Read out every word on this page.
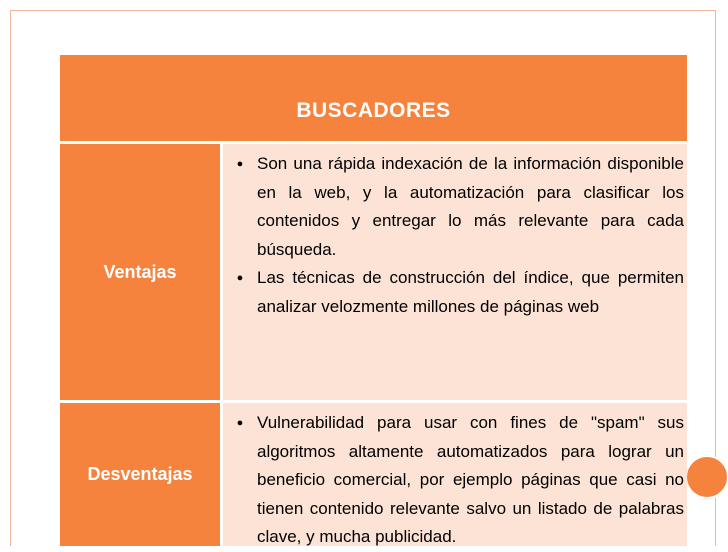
BUSCADORES
Ventajas
● Son una rápida indexación de la información disponible en la web, y la automatización para clasificar los contenidos y entregar lo más relevante para cada búsqueda.
● Las técnicas de construcción del índice, que permiten analizar velozmente millones de páginas web
Desventajas
● Vulnerabilidad para usar con fines de "spam" sus algoritmos altamente automatizados para lograr un beneficio comercial, por ejemplo páginas que casi no tienen contenido relevante salvo un listado de palabras clave, y mucha publicidad.
